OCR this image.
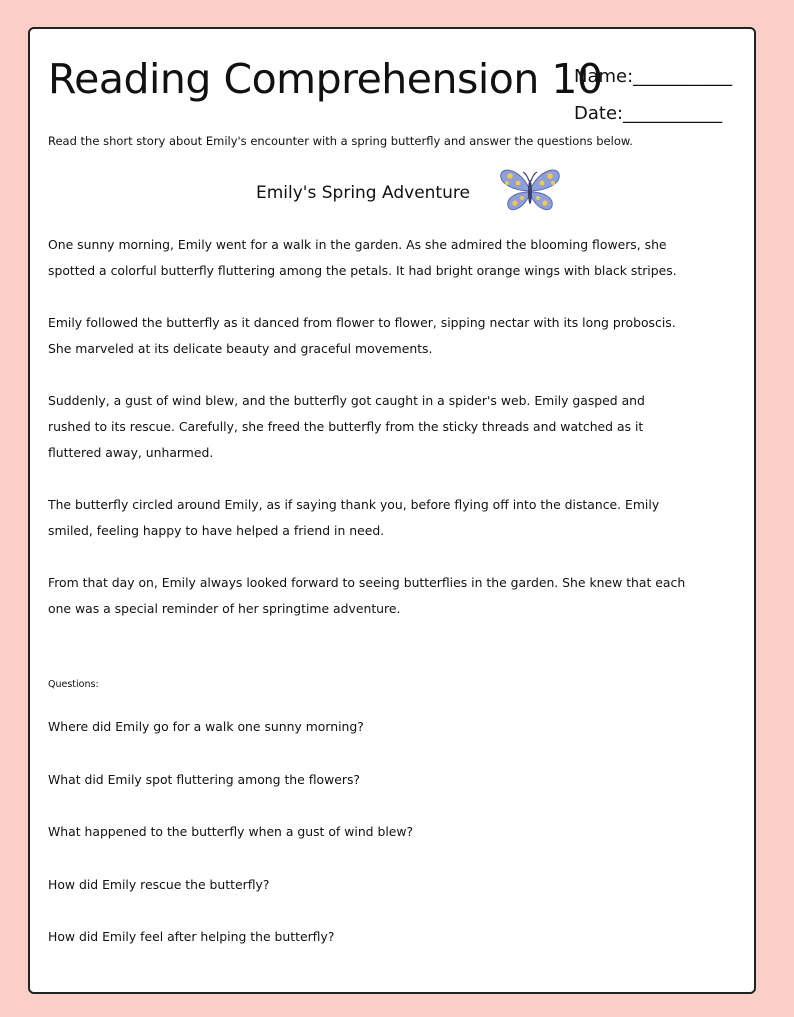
Reading Comprehension 10
Name:___________
Date:___________

Read the short story about Emily's encounter with a spring butterfly and answer the questions below.

Emily's Spring Adventure

One sunny morning, Emily went for a walk in the garden. As she admired the blooming flowers, she spotted a colorful butterfly fluttering among the petals. It had bright orange wings with black stripes.

Emily followed the butterfly as it danced from flower to flower, sipping nectar with its long proboscis. She marveled at its delicate beauty and graceful movements.

Suddenly, a gust of wind blew, and the butterfly got caught in a spider's web. Emily gasped and rushed to its rescue. Carefully, she freed the butterfly from the sticky threads and watched as it fluttered away, unharmed.

The butterfly circled around Emily, as if saying thank you, before flying off into the distance. Emily smiled, feeling happy to have helped a friend in need.

From that day on, Emily always looked forward to seeing butterflies in the garden. She knew that each one was a special reminder of her springtime adventure.

Questions:

Where did Emily go for a walk one sunny morning?
What did Emily spot fluttering among the flowers?
What happened to the butterfly when a gust of wind blew?
How did Emily rescue the butterfly?
How did Emily feel after helping the butterfly?
